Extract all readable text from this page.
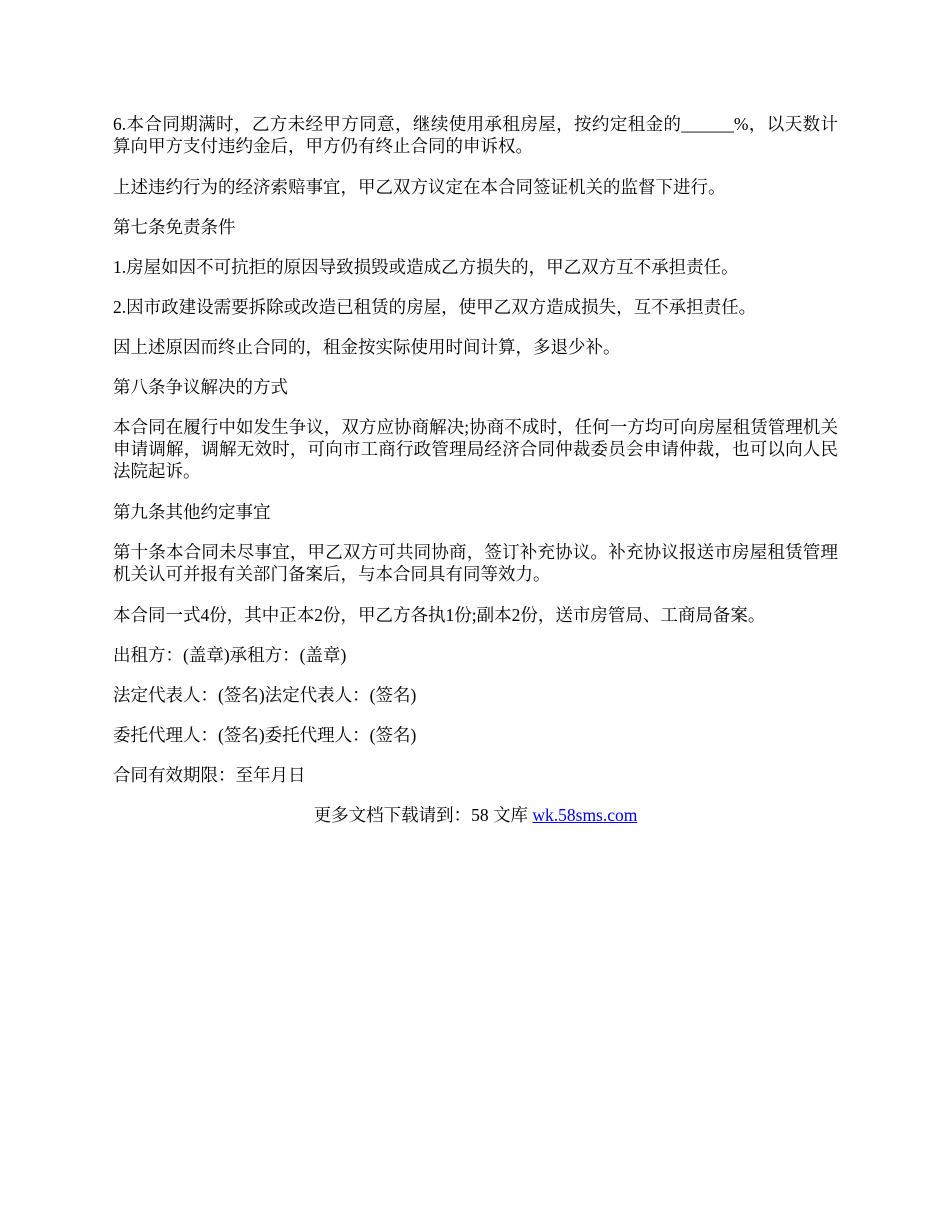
6.本合同期满时，乙方未经甲方同意，继续使用承租房屋，按约定租金的______%，以天数计算向甲方支付违约金后，甲方仍有终止合同的申诉权。

上述违约行为的经济索赔事宜，甲乙双方议定在本合同签证机关的监督下进行。

第七条免责条件

1.房屋如因不可抗拒的原因导致损毁或造成乙方损失的，甲乙双方互不承担责任。

2.因市政建设需要拆除或改造已租赁的房屋，使甲乙双方造成损失，互不承担责任。

因上述原因而终止合同的，租金按实际使用时间计算，多退少补。

第八条争议解决的方式

本合同在履行中如发生争议，双方应协商解决;协商不成时，任何一方均可向房屋租赁管理机关申请调解，调解无效时，可向市工商行政管理局经济合同仲裁委员会申请仲裁，也可以向人民法院起诉。

第九条其他约定事宜

第十条本合同未尽事宜，甲乙双方可共同协商，签订补充协议。补充协议报送市房屋租赁管理机关认可并报有关部门备案后，与本合同具有同等效力。

本合同一式4份，其中正本2份，甲乙方各执1份;副本2份，送市房管局、工商局备案。

出租方：(盖章)承租方：(盖章)

法定代表人：(签名)法定代表人：(签名)

委托代理人：(签名)委托代理人：(签名)

合同有效期限：至年月日

更多文档下载请到：58 文库 wk.58sms.com
